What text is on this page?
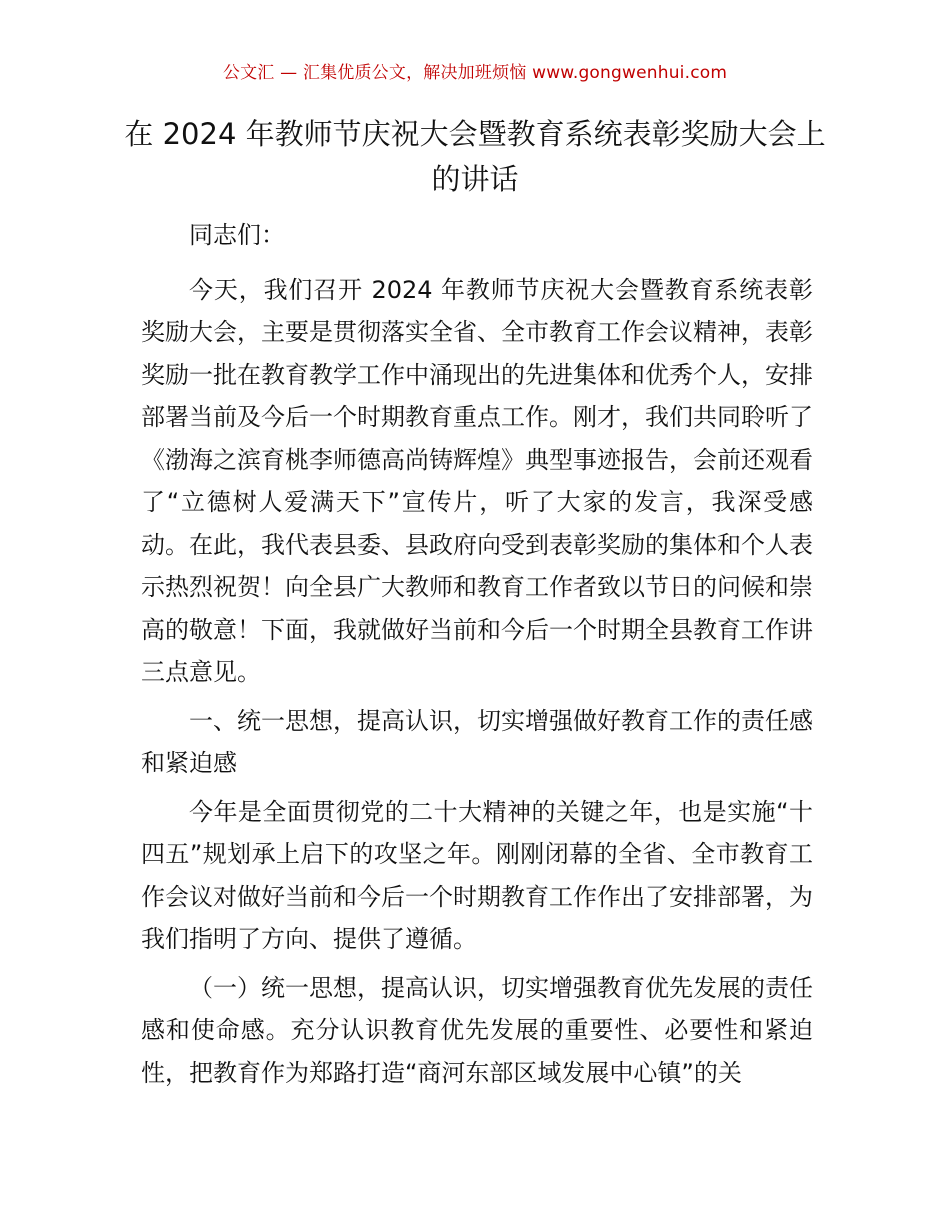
公文汇 — 汇集优质公文，解决加班烦恼 www.gongwenhui.com
在 2024 年教师节庆祝大会暨教育系统表彰奖励大会上的讲话

同志们：

今天，我们召开 2024 年教师节庆祝大会暨教育系统表彰奖励大会，主要是贯彻落实全省、全市教育工作会议精神，表彰奖励一批在教育教学工作中涌现出的先进集体和优秀个人，安排部署当前及今后一个时期教育重点工作。刚才，我们共同聆听了《渤海之滨育桃李师德高尚铸辉煌》典型事迹报告，会前还观看了“立德树人爱满天下”宣传片，听了大家的发言，我深受感动。在此，我代表县委、县政府向受到表彰奖励的集体和个人表示热烈祝贺！向全县广大教师和教育工作者致以节日的问候和崇高的敬意！下面，我就做好当前和今后一个时期全县教育工作讲三点意见。

一、统一思想，提高认识，切实增强做好教育工作的责任感和紧迫感

今年是全面贯彻党的二十大精神的关键之年，也是实施“十四五”规划承上启下的攻坚之年。刚刚闭幕的全省、全市教育工作会议对做好当前和今后一个时期教育工作作出了安排部署，为我们指明了方向、提供了遵循。

（一）统一思想，提高认识，切实增强教育优先发展的责任感和使命感。充分认识教育优先发展的重要性、必要性和紧迫性，把教育作为郑路打造“商河东部区域发展中心镇”的关
